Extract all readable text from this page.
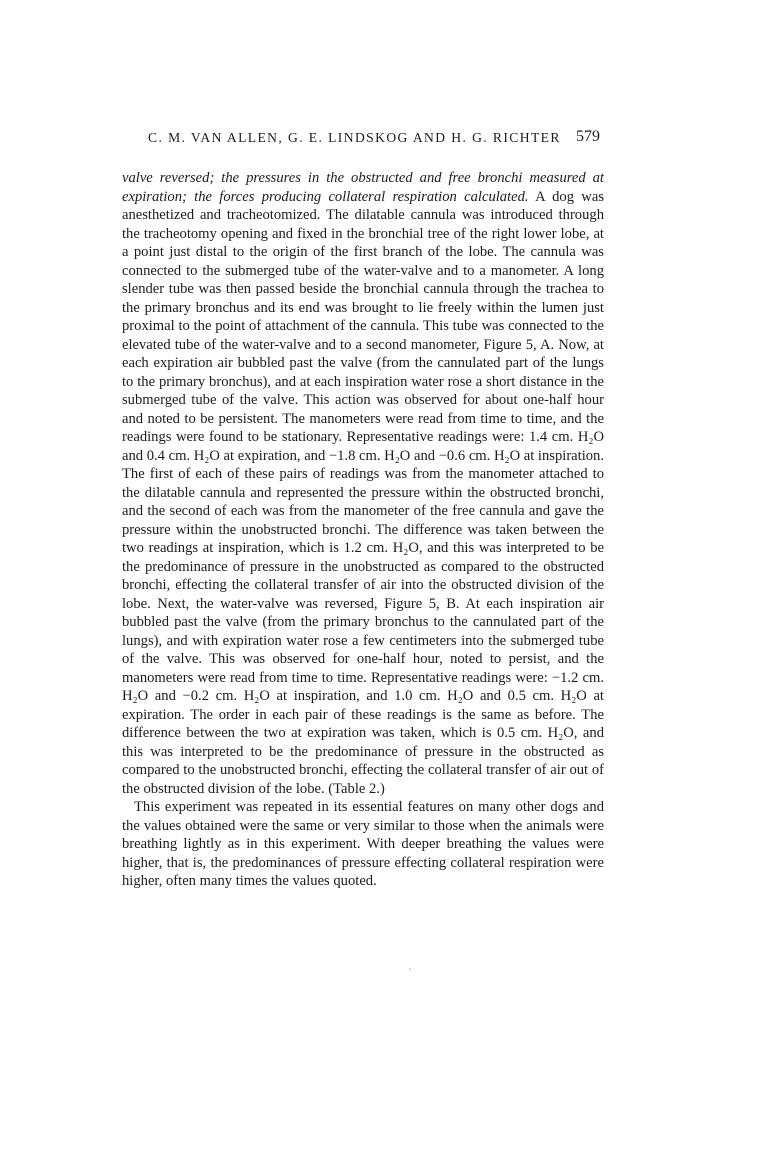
C. M. VAN ALLEN, G. E. LINDSKOG AND H. G. RICHTER 579

valve reversed; the pressures in the obstructed and free bronchi measured at expiration; the forces producing collateral respiration calculated. A dog was anesthetized and tracheotomized. The dilatable cannula was introduced through the tracheotomy opening and fixed in the bronchial tree of the right lower lobe, at a point just distal to the origin of the first branch of the lobe. The cannula was connected to the submerged tube of the water-valve and to a manometer. A long slender tube was then passed beside the bronchial cannula through the trachea to the primary bronchus and its end was brought to lie freely within the lumen just proximal to the point of attachment of the cannula. This tube was connected to the elevated tube of the water-valve and to a second manometer, Figure 5, A. Now, at each expiration air bubbled past the valve (from the cannulated part of the lungs to the primary bronchus), and at each inspiration water rose a short distance in the submerged tube of the valve. This action was observed for about one-half hour and noted to be persistent. The manometers were read from time to time, and the readings were found to be stationary. Representative readings were: 1.4 cm. H₂O and 0.4 cm. H₂O at expiration, and −1.8 cm. H₂O and −0.6 cm. H₂O at inspiration. The first of each of these pairs of readings was from the manometer attached to the dilatable cannula and represented the pressure within the obstructed bronchi, and the second of each was from the manometer of the free cannula and gave the pressure within the unobstructed bronchi. The difference was taken between the two readings at inspiration, which is 1.2 cm. H₂O, and this was interpreted to be the predominance of pressure in the unobstructed as compared to the obstructed bronchi, effecting the collateral transfer of air into the obstructed division of the lobe. Next, the water-valve was reversed, Figure 5, B. At each inspiration air bubbled past the valve (from the primary bronchus to the cannulated part of the lungs), and with expiration water rose a few centimeters into the submerged tube of the valve. This was observed for one-half hour, noted to persist, and the manometers were read from time to time. Representative readings were: −1.2 cm. H₂O and −0.2 cm. H₂O at inspiration, and 1.0 cm. H₂O and 0.5 cm. H₂O at expiration. The order in each pair of these readings is the same as before. The difference between the two at expiration was taken, which is 0.5 cm. H₂O, and this was interpreted to be the predominance of pressure in the obstructed as compared to the unobstructed bronchi, effecting the collateral transfer of air out of the obstructed division of the lobe. (Table 2.)

This experiment was repeated in its essential features on many other dogs and the values obtained were the same or very similar to those when the animals were breathing lightly as in this experiment. With deeper breathing the values were higher, that is, the predominances of pressure effecting collateral respiration were higher, often many times the values quoted.
